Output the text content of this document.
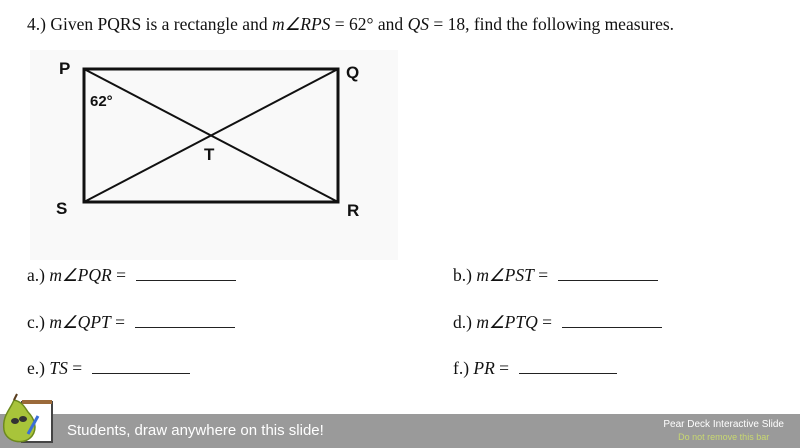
4.) Given PQRS is a rectangle and m∠RPS = 62° and QS = 18, find the following measures.
P	Q
R
S
T
62°
a.) m∠PQR =	b.) m∠PST =
c.) m∠QPT =	d.) m∠PTQ =
e.) TS =	f.) PR =
Students, draw anywhere on this slide!	Pear Deck Interactive Slide
Do not remove this bar
